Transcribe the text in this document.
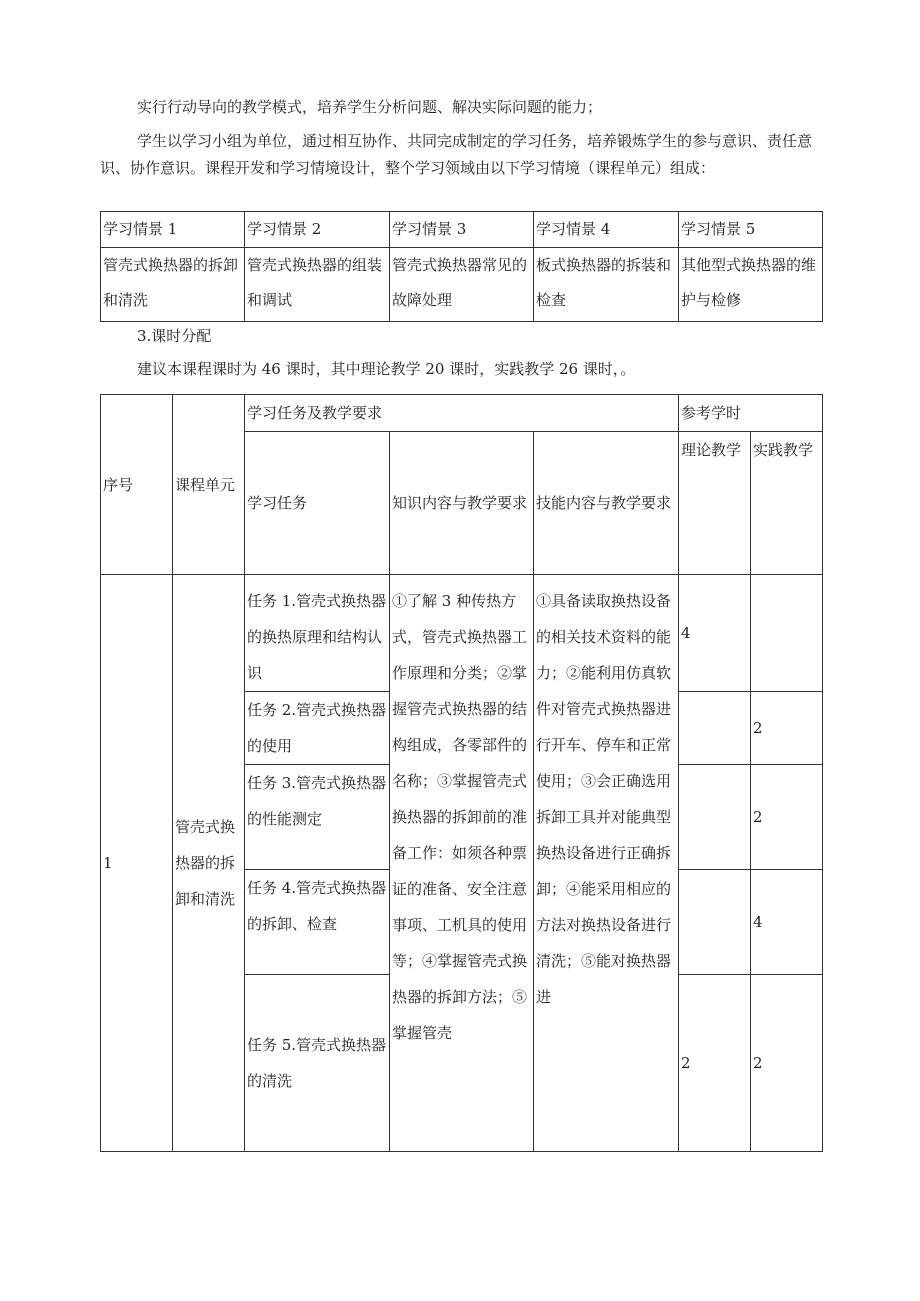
实行行动导向的教学模式，培养学生分析问题、解决实际问题的能力；

学生以学习小组为单位，通过相互协作、共同完成制定的学习任务，培养锻炼学生的参与意识、责任意识、协作意识。课程开发和学习情境设计，整个学习领域由以下学习情境（课程单元）组成：

学习情景 1	学习情景 2	学习情景 3	学习情景 4	学习情景 5
管壳式换热器的拆卸和清洗	管壳式换热器的组装和调试	管壳式换热器常见的故障处理	板式换热器的拆装和检查	其他型式换热器的维护与检修

3.课时分配

建议本课程课时为 46 课时，其中理论教学 20 课时，实践教学 26 课时，。

序号	课程单元	学习任务及教学要求			参考学时	
		学习任务	知识内容与教学要求	技能内容与教学要求	理论教学	实践教学
1	管壳式换热器的拆卸和清洗	任务 1.管壳式换热器的换热原理和结构认识	①了解 3 种传热方式，管壳式换热器工作原理和分类；②掌握管壳式换热器的结构组成，各零部件的名称；③掌握管壳式换热器的拆卸前的准备工作：如须各种票证的准备、安全注意事项、工机具的使用等；④掌握管壳式换热器的拆卸方法；⑤掌握管壳	①具备读取换热设备的相关技术资料的能力；②能利用仿真软件对管壳式换热器进行开车、停车和正常使用；③会正确选用拆卸工具并对能典型换热设备进行正确拆卸；④能采用相应的方法对换热设备进行清洗；⑤能对换热器进	4	
		任务 2.管壳式换热器的使用				2
		任务 3.管壳式换热器的性能测定				2
		任务 4.管壳式换热器的拆卸、检查				4
		任务 5.管壳式换热器的清洗			2	2
